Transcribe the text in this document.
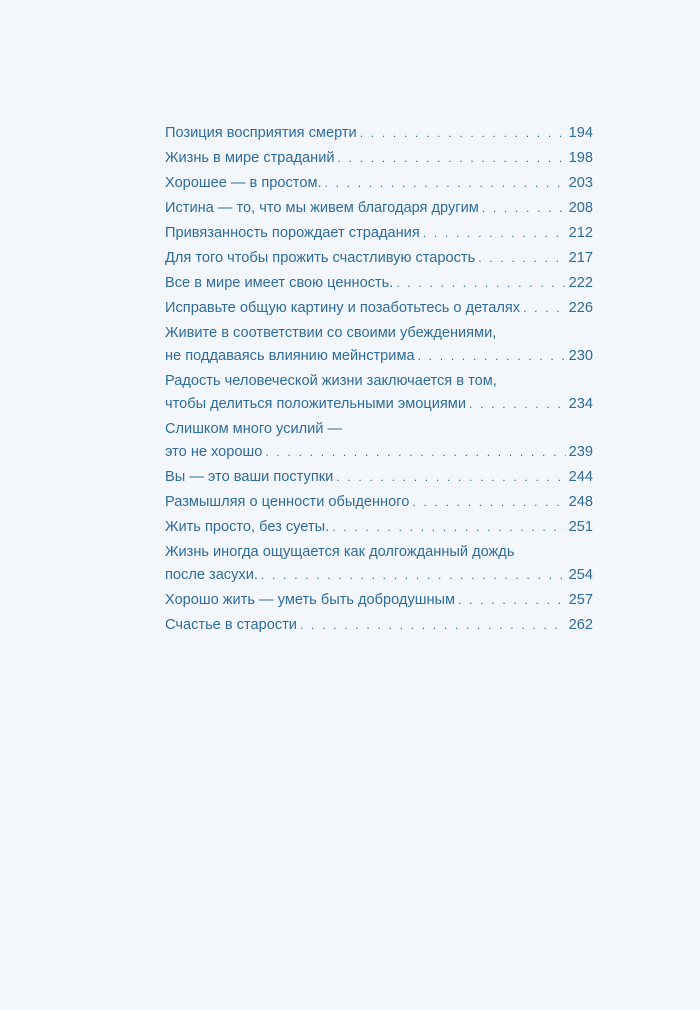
Позиция восприятия смерти . . .	194
Жизнь в мире страданий . . .	198
Хорошее — в простом. . . .	203
Истина — то, что мы живем благодаря другим . . .	208
Привязанность порождает страдания . . .	212
Для того чтобы прожить счастливую старость . . .	217
Все в мире имеет свою ценность. . . .	222
Исправьте общую картину и позаботьтесь о деталях . . .	226
Живите в соответствии со своими убеждениями,
не поддаваясь влиянию мейнстрима . . .	230
Радость человеческой жизни заключается в том,
чтобы делиться положительными эмоциями . . .	234
Слишком много усилий —
это не хорошо . . .	239
Вы — это ваши поступки . . .	244
Размышляя о ценности обыденного . . .	248
Жить просто, без суеты. . . .	251
Жизнь иногда ощущается как долгожданный дождь
после засухи. . . .	254
Хорошо жить — уметь быть добродушным . . .	257
Счастье в старости . . .	262
